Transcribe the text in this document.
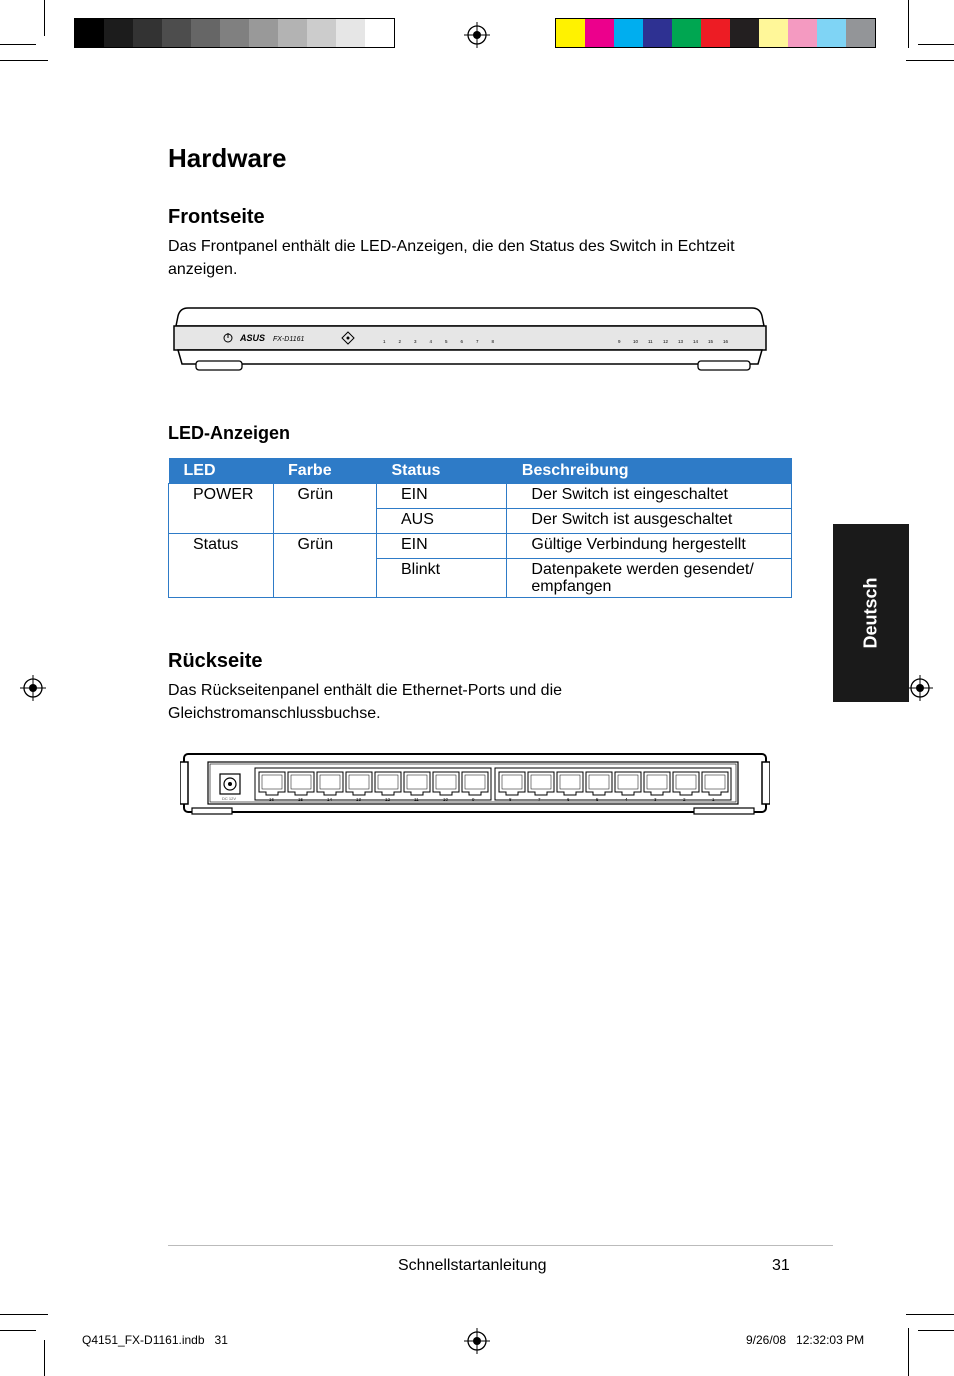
Hardware
Frontseite

Das Frontpanel enthält die LED-Anzeigen, die den Status des Switch in Echtzeit anzeigen.

ASUS FX-D1161	1	2	3	4	5	6	7	8	9	10 11 12 13 14 15 16
LED-Anzeigen
LED	Farbe	Status	Beschreibung
POWER	Grün	EIN	Der Switch ist eingeschaltet
		AUS	Der Switch ist ausgeschaltet
Status	Grün	EIN	Gültige Verbindung hergestellt
		Blinkt	Datenpakete werden gesendet/ empfangen	Deutsch
Rückseite

Das Rückseitenpanel enthält die Ethernet-Ports und die Gleichstromanschlussbuchse.

DC 12V	16	15	14	13	12	11	10	9	8	7	6	5	4	3	2	1
Schnellstartanleitung	31
Q4151_FX-D1161.indb   31	9/26/08   12:32:03 PM
